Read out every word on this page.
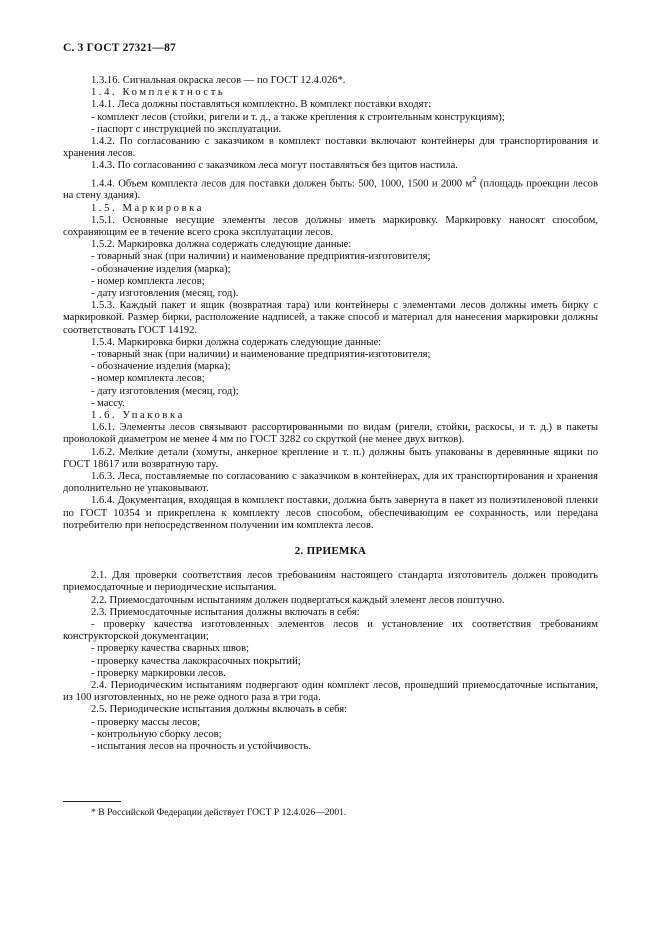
С. 3 ГОСТ 27321—87

1.3.16. Сигнальная окраска лесов — по ГОСТ 12.4.026*.

1.4. Комплектность

1.4.1. Леса должны поставляться комплектно. В комплект поставки входят:

- комплект лесов (стойки, ригели и т. д., а также крепления к строительным конструкциям);

- паспорт с инструкцией по эксплуатации.

1.4.2. По согласованию с заказчиком в комплект поставки включают контейнеры для транспортирования и хранения лесов.

1.4.3. По согласованию с заказчиком леса могут поставляться без щитов настила.

1.4.4. Объем комплекта лесов для поставки должен быть: 500, 1000, 1500 и 2000 $м^2$ (площадь проекции лесов на стену здания).

1.5. Маркировка

1.5.1. Основные несущие элементы лесов должны иметь маркировку. Маркировку наносят способом, сохраняющим ее в течение всего срока эксплуатации лесов.

1.5.2. Маркировка должна содержать следующие данные:

- товарный знак (при наличии) и наименование предприятия-изготовителя;

- обозначение изделия (марка);

- номер комплекта лесов;

- дату изготовления (месяц, год).

1.5.3. Каждый пакет и ящик (возвратная тара) или контейнеры с элементами лесов должны иметь бирку с маркировкой. Размер бирки, расположение надписей, а также способ и материал для нанесения маркировки должны соответствовать ГОСТ 14192.

1.5.4. Маркировка бирки должна содержать следующие данные:

- товарный знак (при наличии) и наименование предприятия-изготовителя;

- обозначение изделия (марка);

- номер комплекта лесов;

- дату изготовления (месяц, год);

- массу.

1.6. Упаковка

1.6.1. Элементы лесов связывают рассортированными по видам (ригели, стойки, раскосы, и т. д.) в пакеты проволокой диаметром не менее 4 мм по ГОСТ 3282 со скруткой (не менее двух витков).

1.6.2. Мелкие детали (хомуты, анкерное крепление и т. п.) должны быть упакованы в деревянные ящики по ГОСТ 18617 или возвратную тару.

1.6.3. Леса, поставляемые по согласованию с заказчиком в контейнерах, для их транспортирования и хранения дополнительно не упаковывают.

1.6.4. Документация, входящая в комплект поставки, должна быть завернута в пакет из полиэтиленовой пленки по ГОСТ 10354 и прикреплена к комплекту лесов способом, обеспечивающим ее сохранность, или передана потребителю при непосредственном получении им комплекта лесов.

2. ПРИЕМКА

2.1. Для проверки соответствия лесов требованиям настоящего стандарта изготовитель должен проводить приемосдаточные и периодические испытания.

2.2. Приемосдаточным испытаниям должен подвергаться каждый элемент лесов поштучно.

2.3. Приемосдаточные испытания должны включать в себя:

- проверку качества изготовленных элементов лесов и установление их соответствия требованиям конструкторской документации;

- проверку качества сварных швов;

- проверку качества лакокрасочных покрытий;

- проверку маркировки лесов.

2.4. Периодическим испытаниям подвергают один комплект лесов, прошедший приемосдаточные испытания, из 100 изготовленных, но не реже одного раза в три года.

2.5. Периодические испытания должны включать в себя:

- проверку массы лесов;

- контрольную сборку лесов;

- испытания лесов на прочность и устойчивость.

* В Российской Федерации действует ГОСТ Р 12.4.026—2001.
